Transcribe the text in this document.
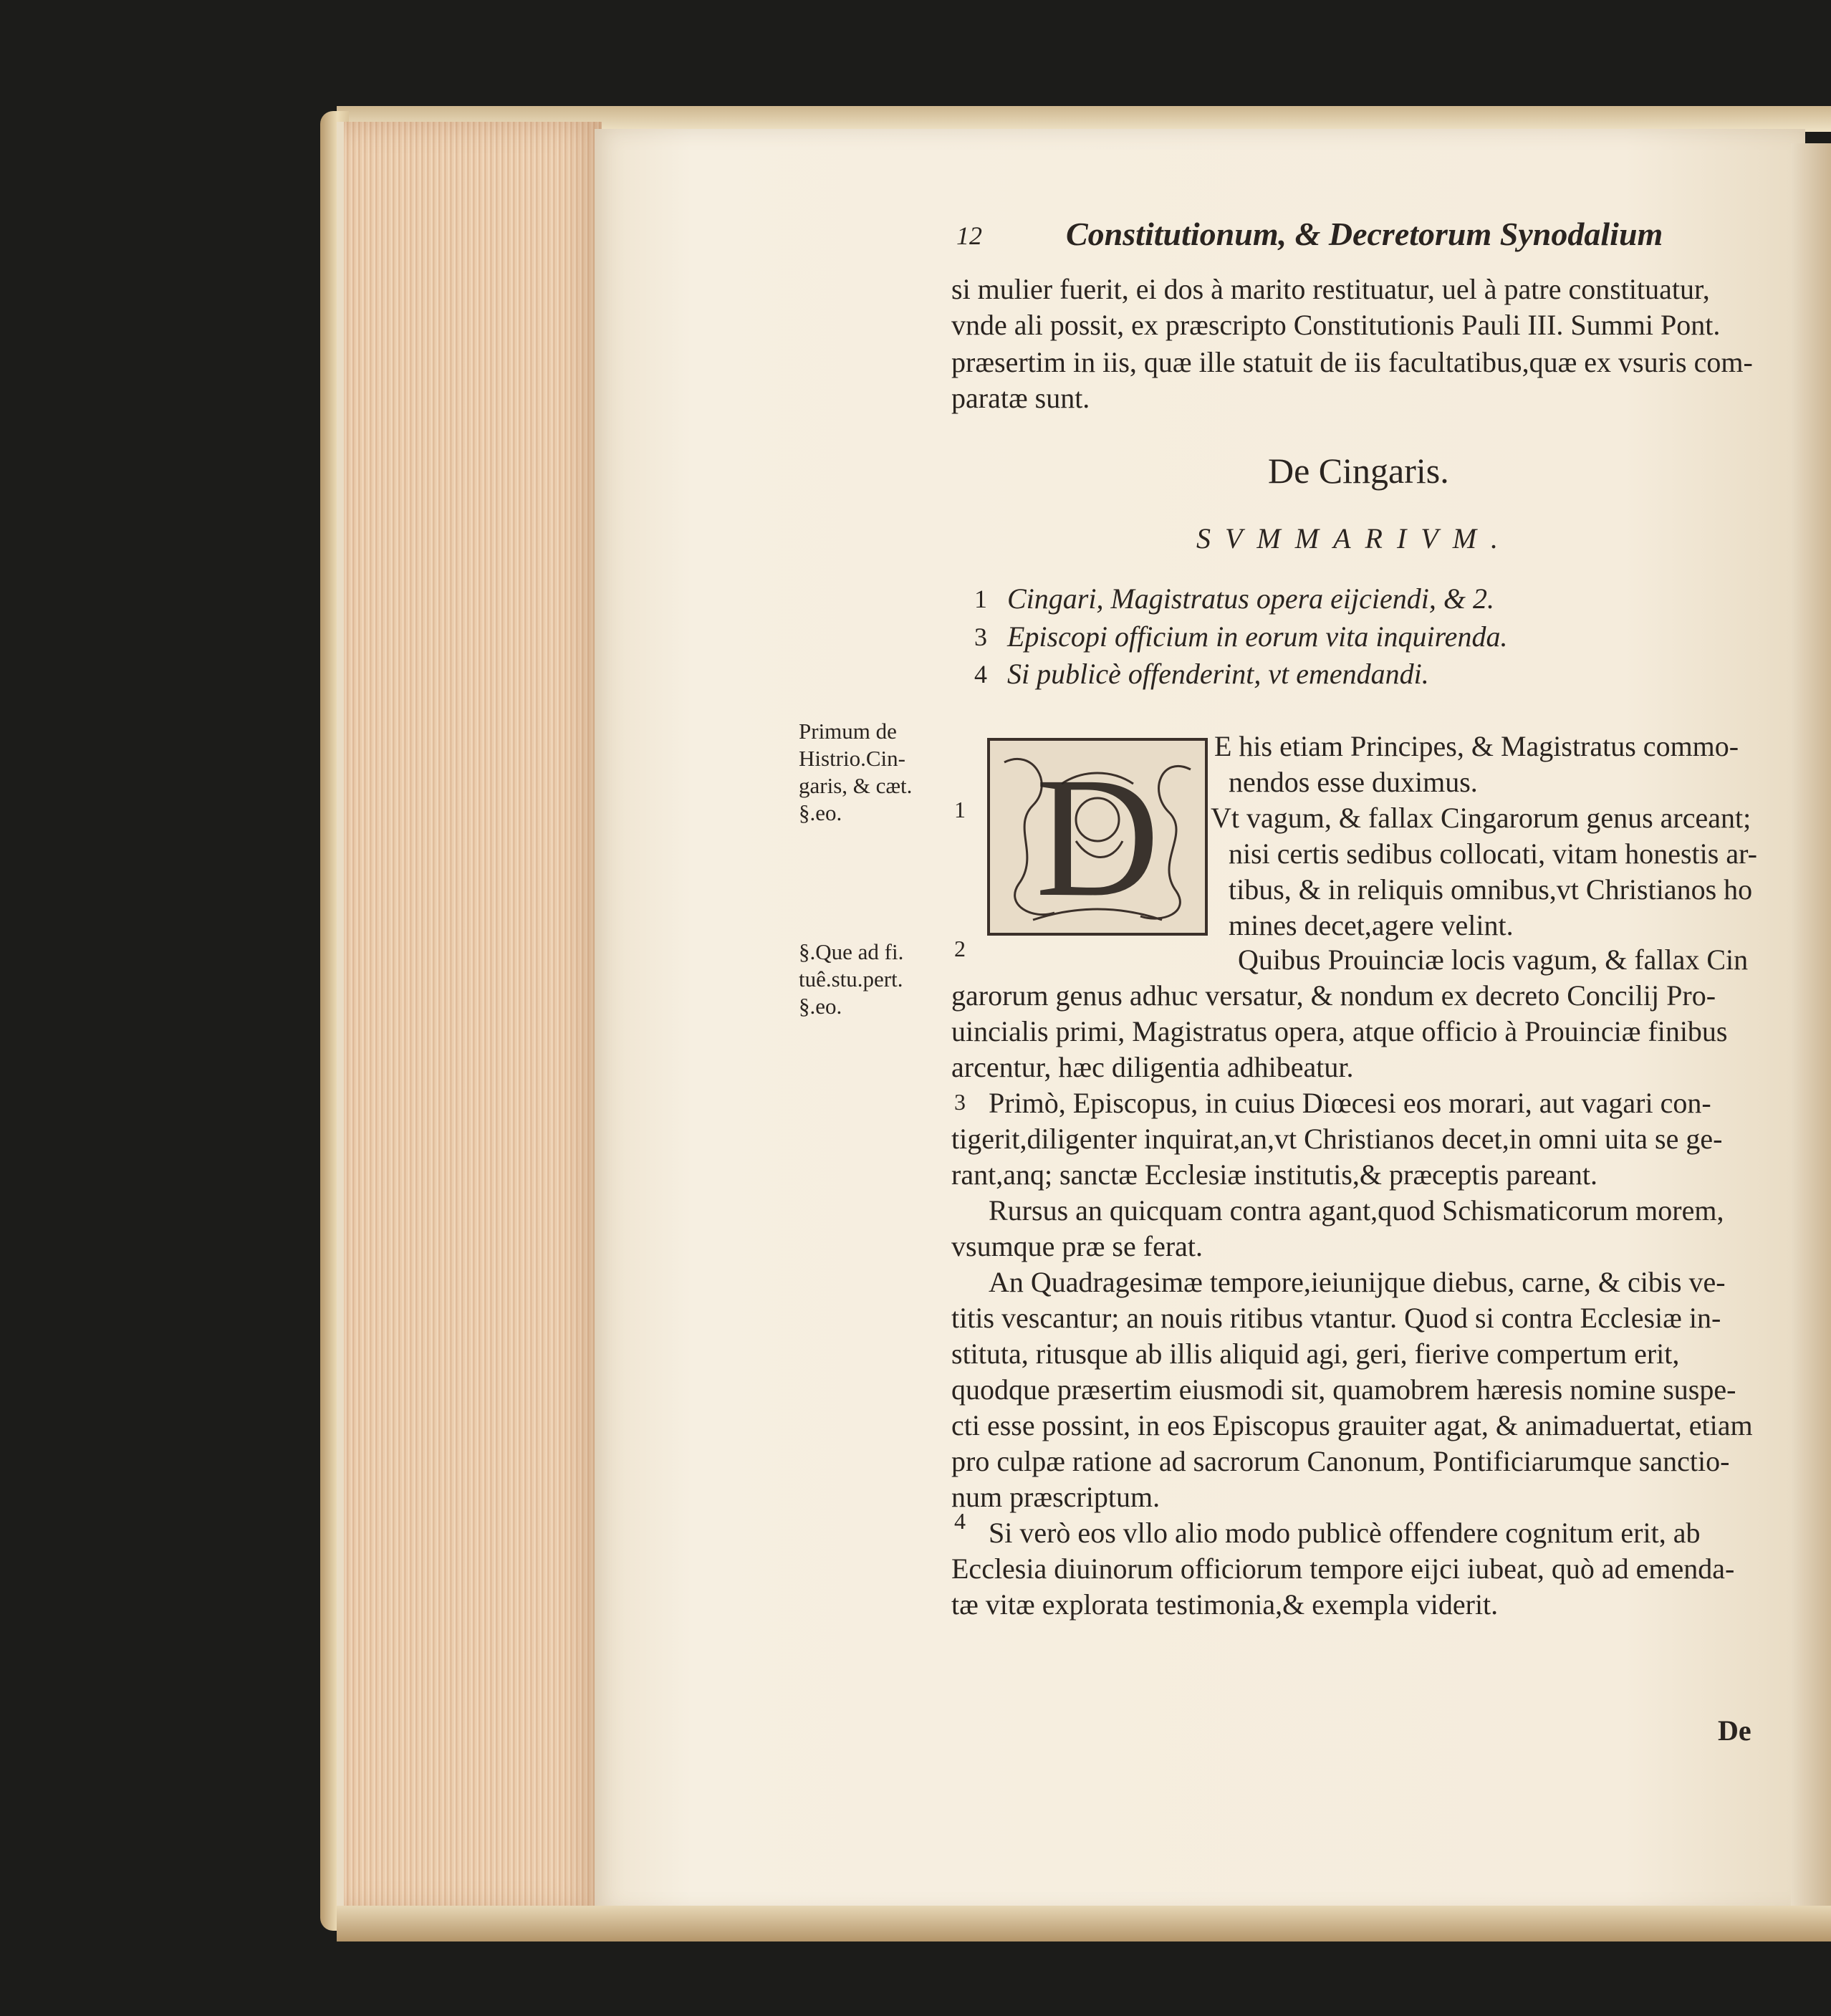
12	Constitutionum, & Decretorum Synodalium
si mulier fuerit, ei dos à marito restituatur, uel à patre constituatur,
vnde ali possit, ex præscripto Constitutionis Pauli III. Summi Pont.
præsertim in iis, quæ ille statuit de iis facultatibus,quæ ex vsuris com-
paratæ sunt.
De Cingaris.
SVMMARIVM.
1 Cingari, Magistratus opera eijciendi, & 2.
3 Episcopi officium in eorum vita inquirenda.
4 Si publicè offenderint, vt emendandi.
Primum de
Histrio.Cin-
garis, & cæt.
§.eo.
§.Que ad fi.
tuê.stu.pert.
§.eo.
1
2
3
4
D E his etiam Principes, & Magistratus commo-
nendos esse duximus.
Vt vagum, & fallax Cingarorum genus arceant;
nisi certis sedibus collocati, vitam honestis ar-
tibus, & in reliquis omnibus,vt Christianos ho
mines decet,agere velint.
Quibus Prouinciæ locis vagum, & fallax Cin
garorum genus adhuc versatur, & nondum ex decreto Concilij Pro-
uincialis primi, Magistratus opera, atque officio à Prouinciæ finibus
arcentur, hæc diligentia adhibeatur.
Primò, Episcopus, in cuius Diœcesi eos morari, aut vagari con-
tigerit,diligenter inquirat,an,vt Christianos decet,in omni uita se ge-
rant,anq; sanctæ Ecclesiæ institutis,& præceptis pareant.
Rursus an quicquam contra agant,quod Schismaticorum morem,
vsumque præ se ferat.
An Quadragesimæ tempore,ieiunijque diebus, carne, & cibis ve-
titis vescantur; an nouis ritibus vtantur. Quod si contra Ecclesiæ in-
stituta, ritusque ab illis aliquid agi, geri, fierive compertum erit,
quodque præsertim eiusmodi sit, quamobrem hæresis nomine suspe-
cti esse possint, in eos Episcopus grauiter agat, & animaduertat, etiam
pro culpæ ratione ad sacrorum Canonum, Pontificiarumque sanctio-
num præscriptum.
Si verò eos vllo alio modo publicè offendere cognitum erit, ab
Ecclesia diuinorum officiorum tempore eijci iubeat, quò ad emenda-
tæ vitæ explorata testimonia,& exempla viderit.
De
